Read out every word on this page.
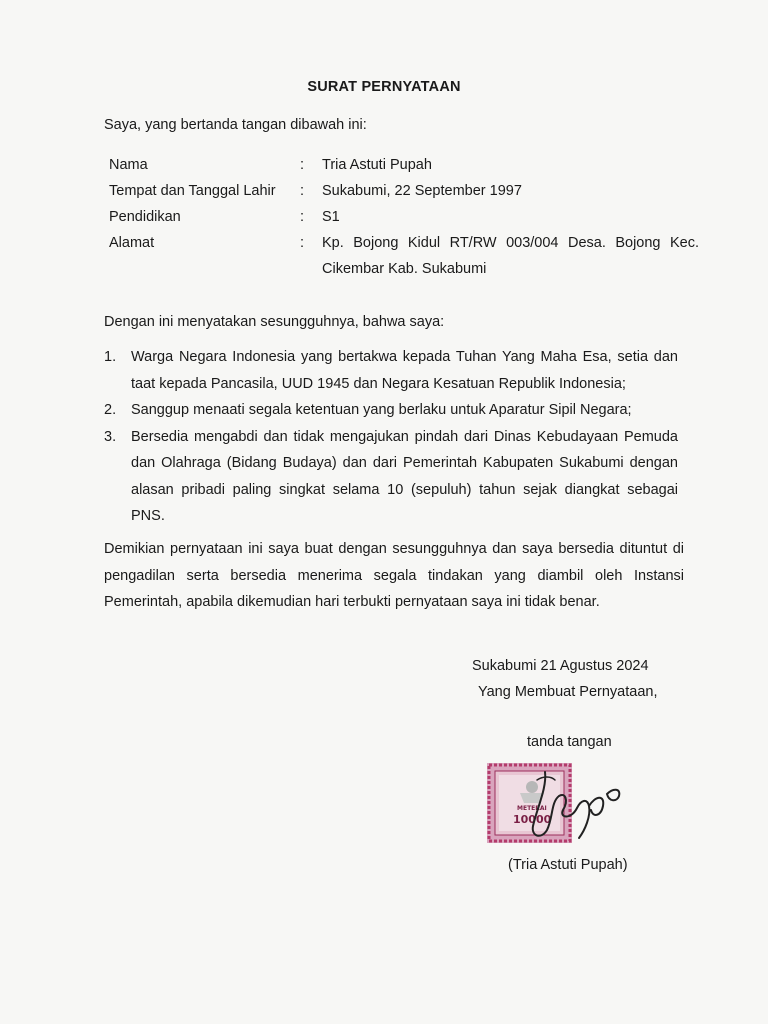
SURAT PERNYATAAN
Saya, yang bertanda tangan dibawah ini:
Nama	:	Tria Astuti Pupah
Tempat dan Tanggal Lahir	:	Sukabumi, 22 September 1997
Pendidikan	:	S1
Alamat	:	Kp. Bojong Kidul RT/RW 003/004 Desa. Bojong Kec. Cikembar Kab. Sukabumi
Dengan ini menyatakan sesungguhnya, bahwa saya:
1.	Warga Negara Indonesia yang bertakwa kepada Tuhan Yang Maha Esa, setia dan taat kepada Pancasila, UUD 1945 dan Negara Kesatuan Republik Indonesia;
2.	Sanggup menaati segala ketentuan yang berlaku untuk Aparatur Sipil Negara;
3.	Bersedia mengabdi dan tidak mengajukan pindah dari Dinas Kebudayaan Pemuda dan Olahraga (Bidang Budaya) dan dari Pemerintah Kabupaten Sukabumi dengan alasan pribadi paling singkat selama 10 (sepuluh) tahun sejak diangkat sebagai PNS.
Demikian pernyataan ini saya buat dengan sesungguhnya dan saya bersedia dituntut di pengadilan serta bersedia menerima segala tindakan yang diambil oleh Instansi Pemerintah, apabila dikemudian hari terbukti pernyataan saya ini tidak benar.
Sukabumi 21 Agustus 2024
Yang Membuat Pernyataan,
tanda tangan
METERAI
10000
(Tria Astuti Pupah)
